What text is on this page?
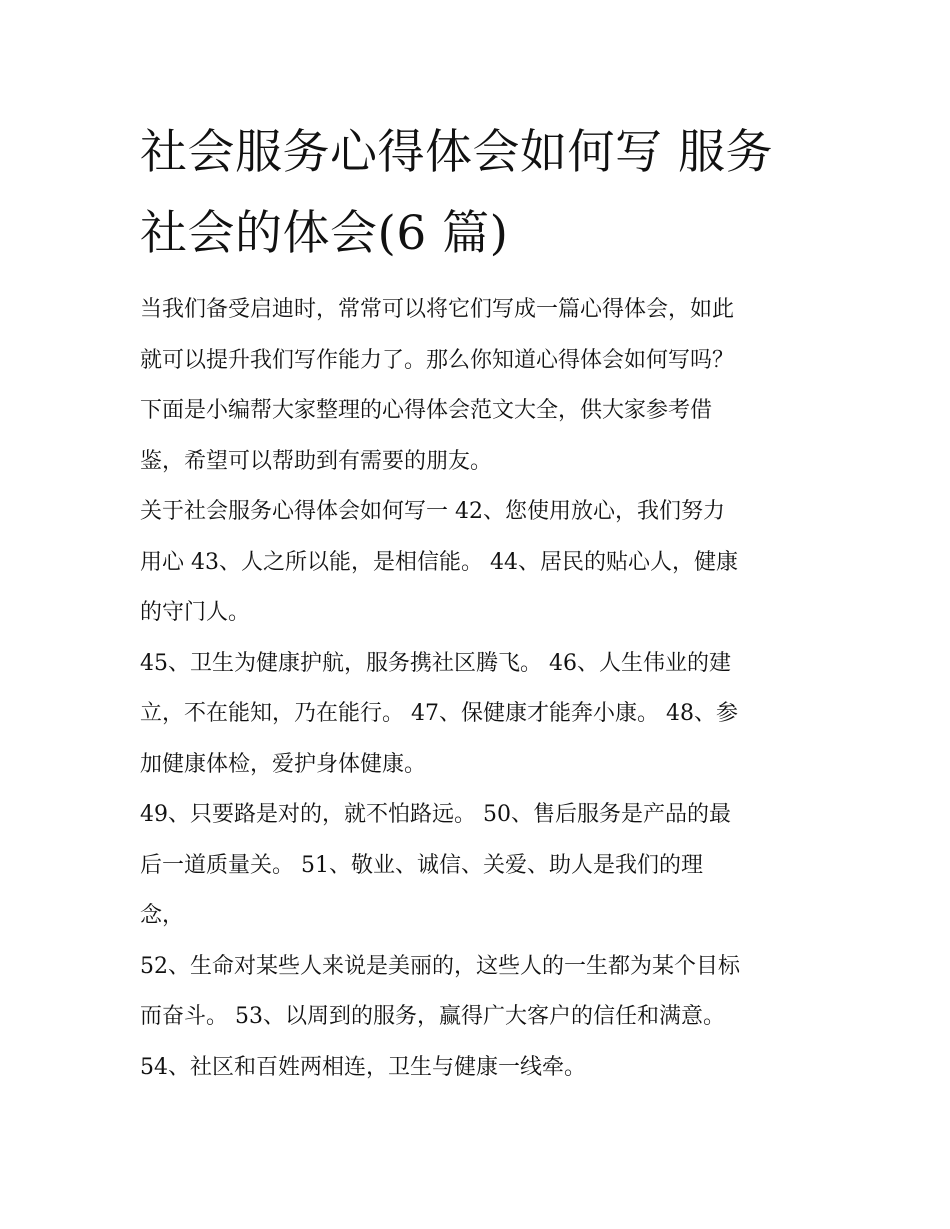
社会服务心得体会如何写 服务
社会的体会(6 篇)

当我们备受启迪时，常常可以将它们写成一篇心得体会，如此
就可以提升我们写作能力了。那么你知道心得体会如何写吗？
下面是小编帮大家整理的心得体会范文大全，供大家参考借
鉴，希望可以帮助到有需要的朋友。

关于社会服务心得体会如何写一 42、您使用放心，我们努力
用心 43、人之所以能，是相信能。 44、居民的贴心人，健康
的守门人。

45、卫生为健康护航，服务携社区腾飞。 46、人生伟业的建
立，不在能知，乃在能行。 47、保健康才能奔小康。 48、参
加健康体检，爱护身体健康。

49、只要路是对的，就不怕路远。 50、售后服务是产品的最
后一道质量关。 51、敬业、诚信、关爱、助人是我们的理
念，

52、生命对某些人来说是美丽的，这些人的一生都为某个目标
而奋斗。 53、以周到的服务，赢得广大客户的信任和满意。
54、社区和百姓两相连，卫生与健康一线牵。
